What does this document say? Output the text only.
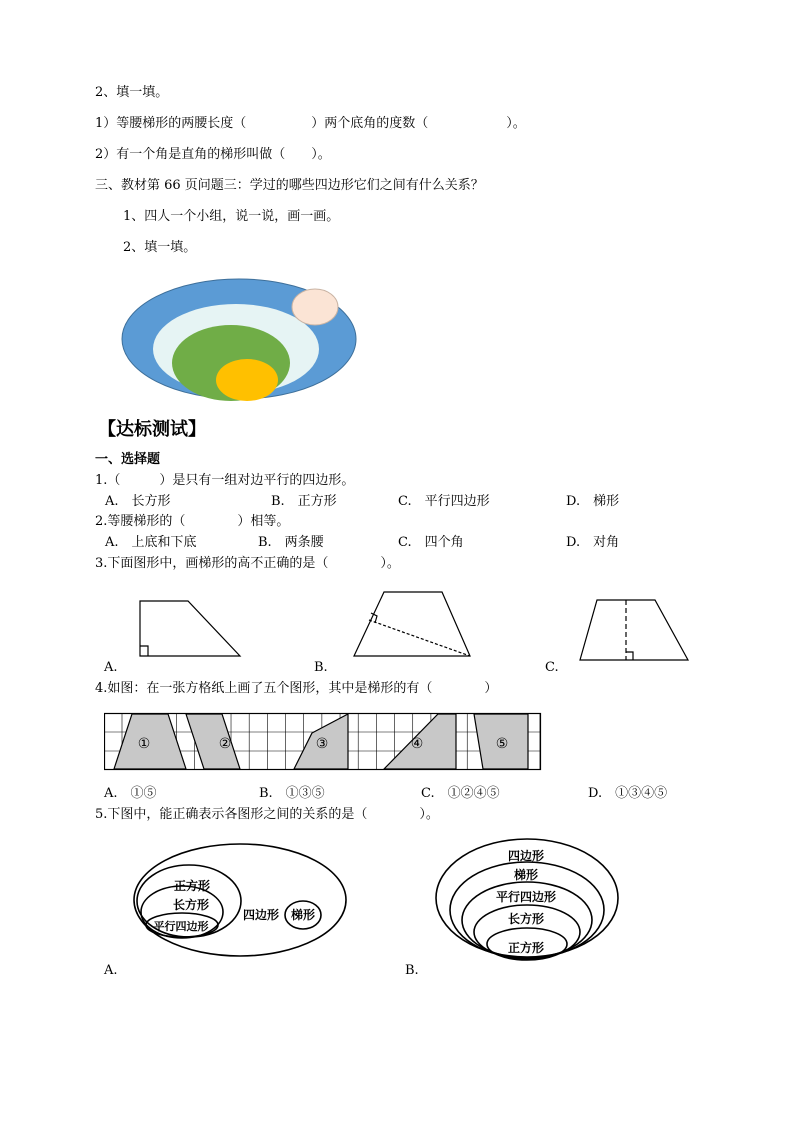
2、填一填。
1）等腰梯形的两腰长度（　　　　　）两个底角的度数（　　　　　　）。
2）有一个角是直角的梯形叫做（　　）。
三、教材第 66 页问题三：学过的哪些四边形它们之间有什么关系？
1、四人一个小组，说一说，画一画。
2、填一填。
【达标测试】
一、选择题
1.（　　　）是只有一组对边平行的四边形。
A.　长方形	B.　正方形	C.　平行四边形	D.　梯形
2.等腰梯形的（　　　　）相等。
A.　上底和下底	B.　两条腰	C.　四个角	D.　对角
3.下面图形中，画梯形的高不正确的是（　　　　）。
A.	B.	C.
4.如图：在一张方格纸上画了五个图形，其中是梯形的有（　　　　）
①	②	③	④	⑤
A.　①⑤	B.　①③⑤	C.　①②④⑤	D.　①③④⑤
5.下图中，能正确表示各图形之间的关系的是（　　　　）。
正方形
长方形
平行四边形
四边形 梯形
四边形
梯形
平行四边形
长方形
正方形
A.	B.
